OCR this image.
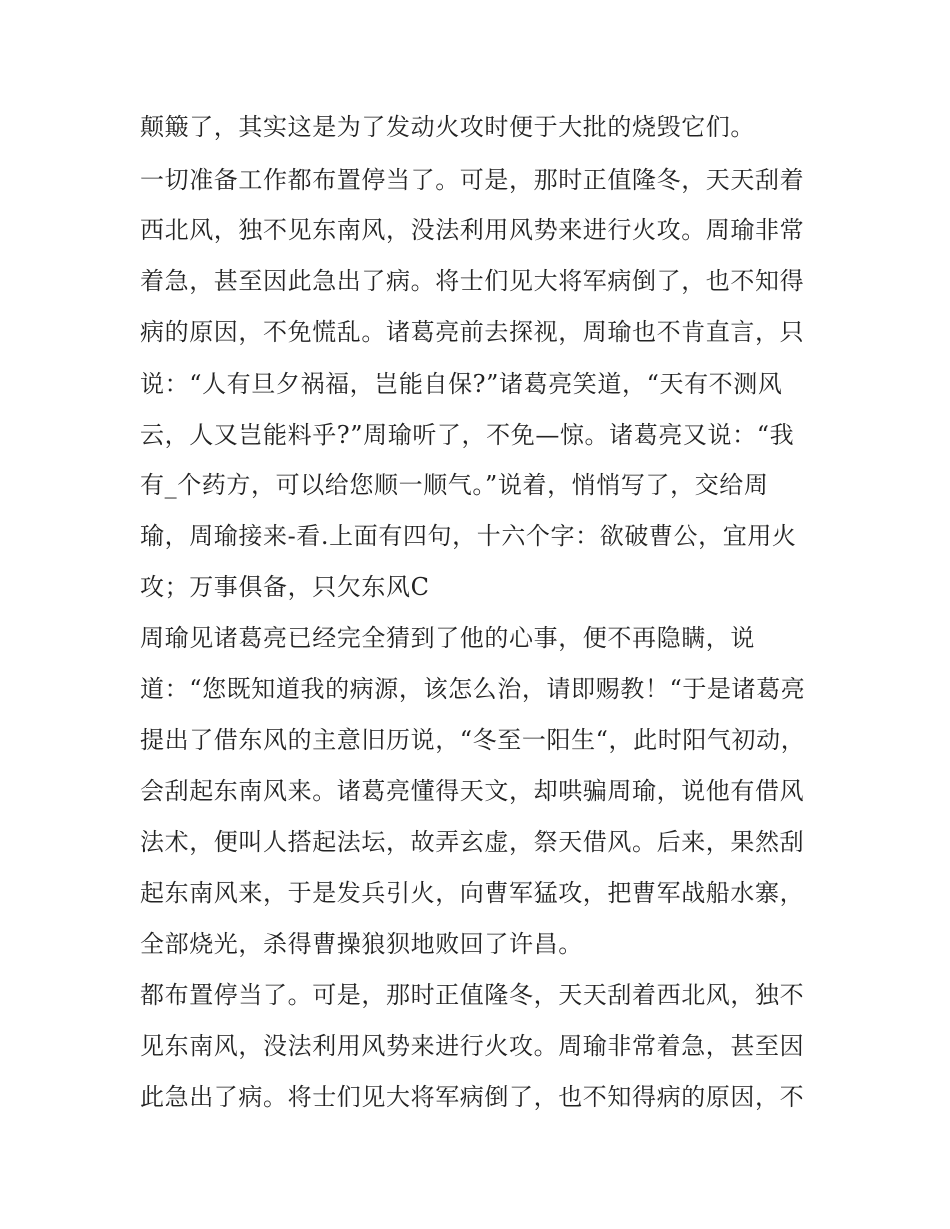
颠簸了，其实这是为了发动火攻时便于大批的烧毁它们。
一切准备工作都布置停当了。可是，那时正值隆冬，天天刮着
西北风，独不见东南风，没法利用风势来进行火攻。周瑜非常
着急，甚至因此急出了病。将士们见大将军病倒了，也不知得
病的原因，不免慌乱。诸葛亮前去探视，周瑜也不肯直言，只
说：“人有旦夕祸福，岂能自保?”诸葛亮笑道，“天有不测风
云，人又岂能料乎?”周瑜听了，不免—惊。诸葛亮又说：“我
有_个药方，可以给您顺一顺气。”说着，悄悄写了，交给周
瑜，周瑜接来-看.上面有四句，十六个字：欲破曹公，宜用火
攻；万事俱备，只欠东风C
周瑜见诸葛亮已经完全猜到了他的心事，便不再隐瞒，说
道：“您既知道我的病源，该怎么治，请即赐教！“于是诸葛亮
提出了借东风的主意旧历说，“冬至一阳生“，此时阳气初动，
会刮起东南风来。诸葛亮懂得天文，却哄骗周瑜，说他有借风
法术，便叫人搭起法坛，故弄玄虚，祭天借风。后来，果然刮
起东南风来，于是发兵引火，向曹军猛攻，把曹军战船水寨，
全部烧光，杀得曹操狼狈地败回了许昌。
都布置停当了。可是，那时正值隆冬，天天刮着西北风，独不
见东南风，没法利用风势来进行火攻。周瑜非常着急，甚至因
此急出了病。将士们见大将军病倒了，也不知得病的原因，不
